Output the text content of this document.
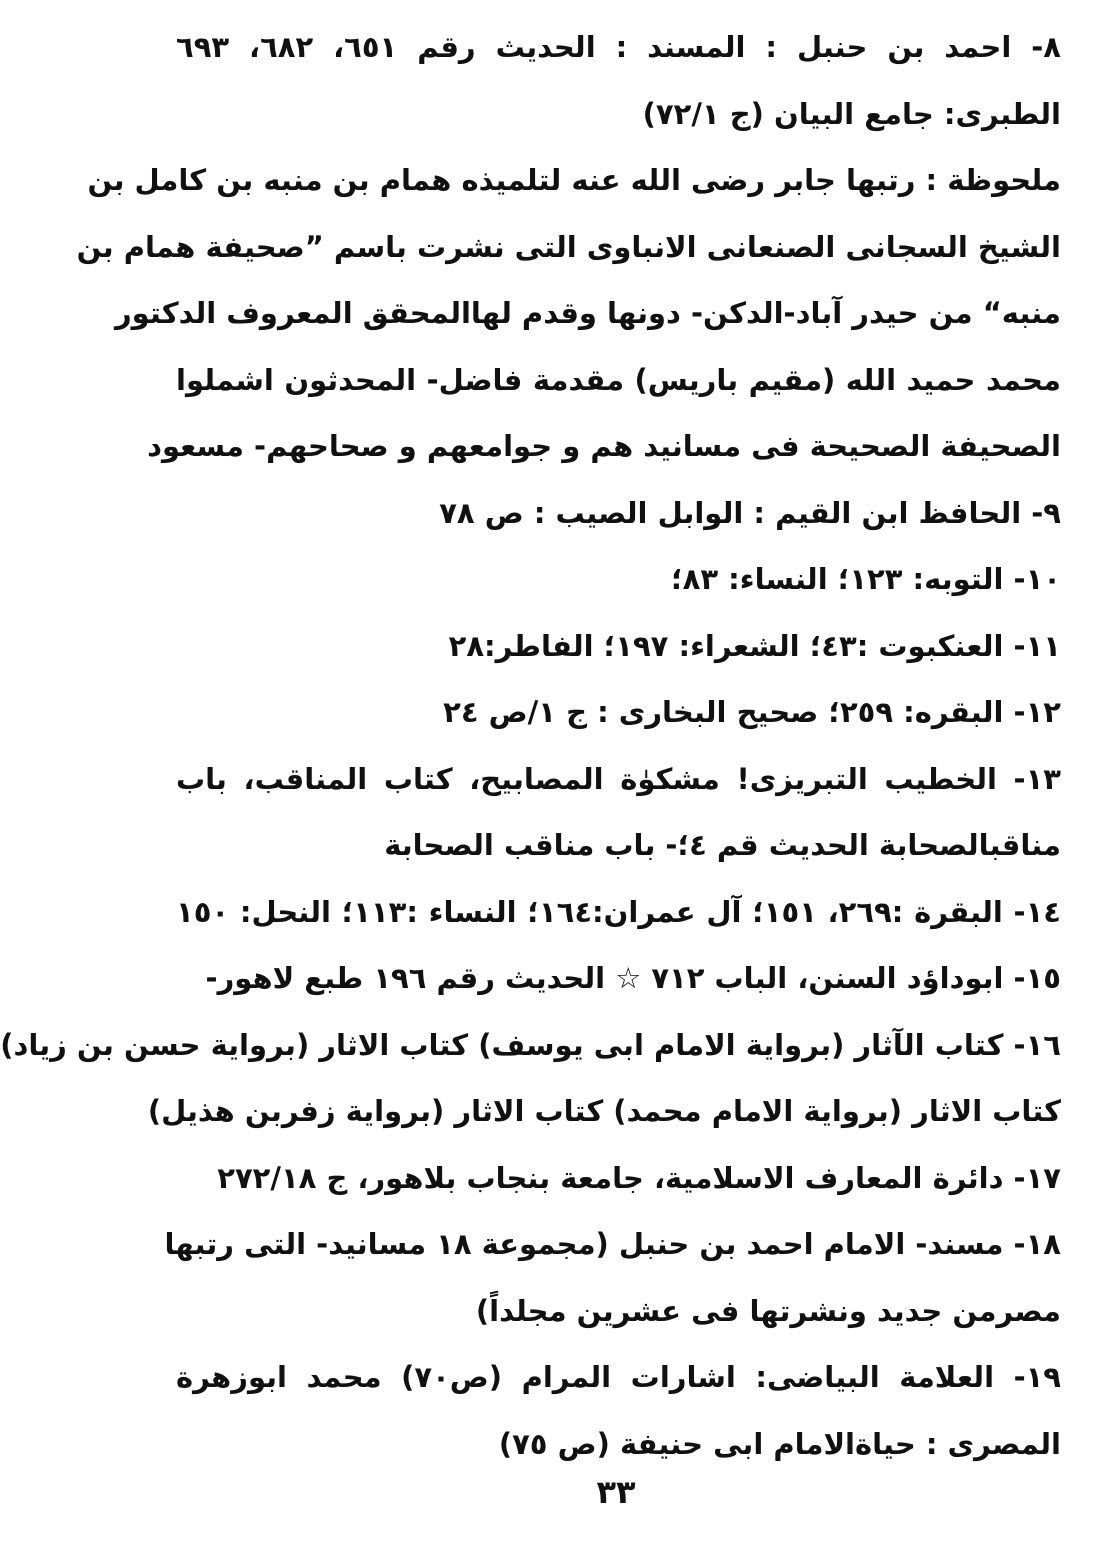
٨- احمد بن حنبل : المسند : الحديث رقم ٦٥١، ٦٨٢، ٦٩٣
الطبرى: جامع البيان (ج ٧٢/١)
ملحوظة : رتبها جابر رضى الله عنه لتلميذه همام بن منبه بن كامل بن
الشيخ السجانى الصنعانى الانباوى التى نشرت باسم ”صحيفة همام بن
منبه“ من حيدر آباد-الدكن- دونها وقدم لهاالمحقق المعروف الدكتور
محمد حميد الله (مقيم باريس) مقدمة فاضل- المحدثون اشملوا
الصحيفة الصحيحة فى مسانيد هم و جوامعهم و صحاحهم- مسعود
٩- الحافظ ابن القيم : الوابل الصيب : ص ٧٨
١٠- التوبه: ١٢٣؛ النساء: ٨٣؛
١١- العنكبوت :٤٣؛ الشعراء: ١٩٧؛ الفاطر:٢٨
١٢- البقره: ٢٥٩؛ صحيح البخارى : ج ١/ص ٢٤
١٣- الخطيب التبريزى! مشكوٰة المصابيح، كتاب المناقب، باب
مناقبالصحابة الحديث قم ٤؛- باب مناقب الصحابة
١٤- البقرة :٢٦٩، ١٥١؛ آل عمران:١٦٤؛ النساء :١١٣؛ النحل: ١٥٠
١٥- ابوداؤد السنن، الباب ٧١٢ ☆ الحديث رقم ١٩٦ طبع لاهور-
١٦- كتاب الآثار (برواية الامام ابى يوسف) كتاب الاثار (برواية حسن بن زياد)
كتاب الاثار (برواية الامام محمد) كتاب الاثار (برواية زفربن هذيل)
١٧- دائرة المعارف الاسلامية، جامعة بنجاب بلاهور، ج ٢٧٢/١٨
١٨- مسند- الامام احمد بن حنبل (مجموعة ١٨ مسانيد- التى رتبها
مصرمن جديد ونشرتها فى عشرين مجلداً)
١٩- العلامة البياضى: اشارات المرام (ص٧٠) محمد ابوزهرة
المصرى : حياةالامام ابى حنيفة (ص ٧٥)
٣٣
